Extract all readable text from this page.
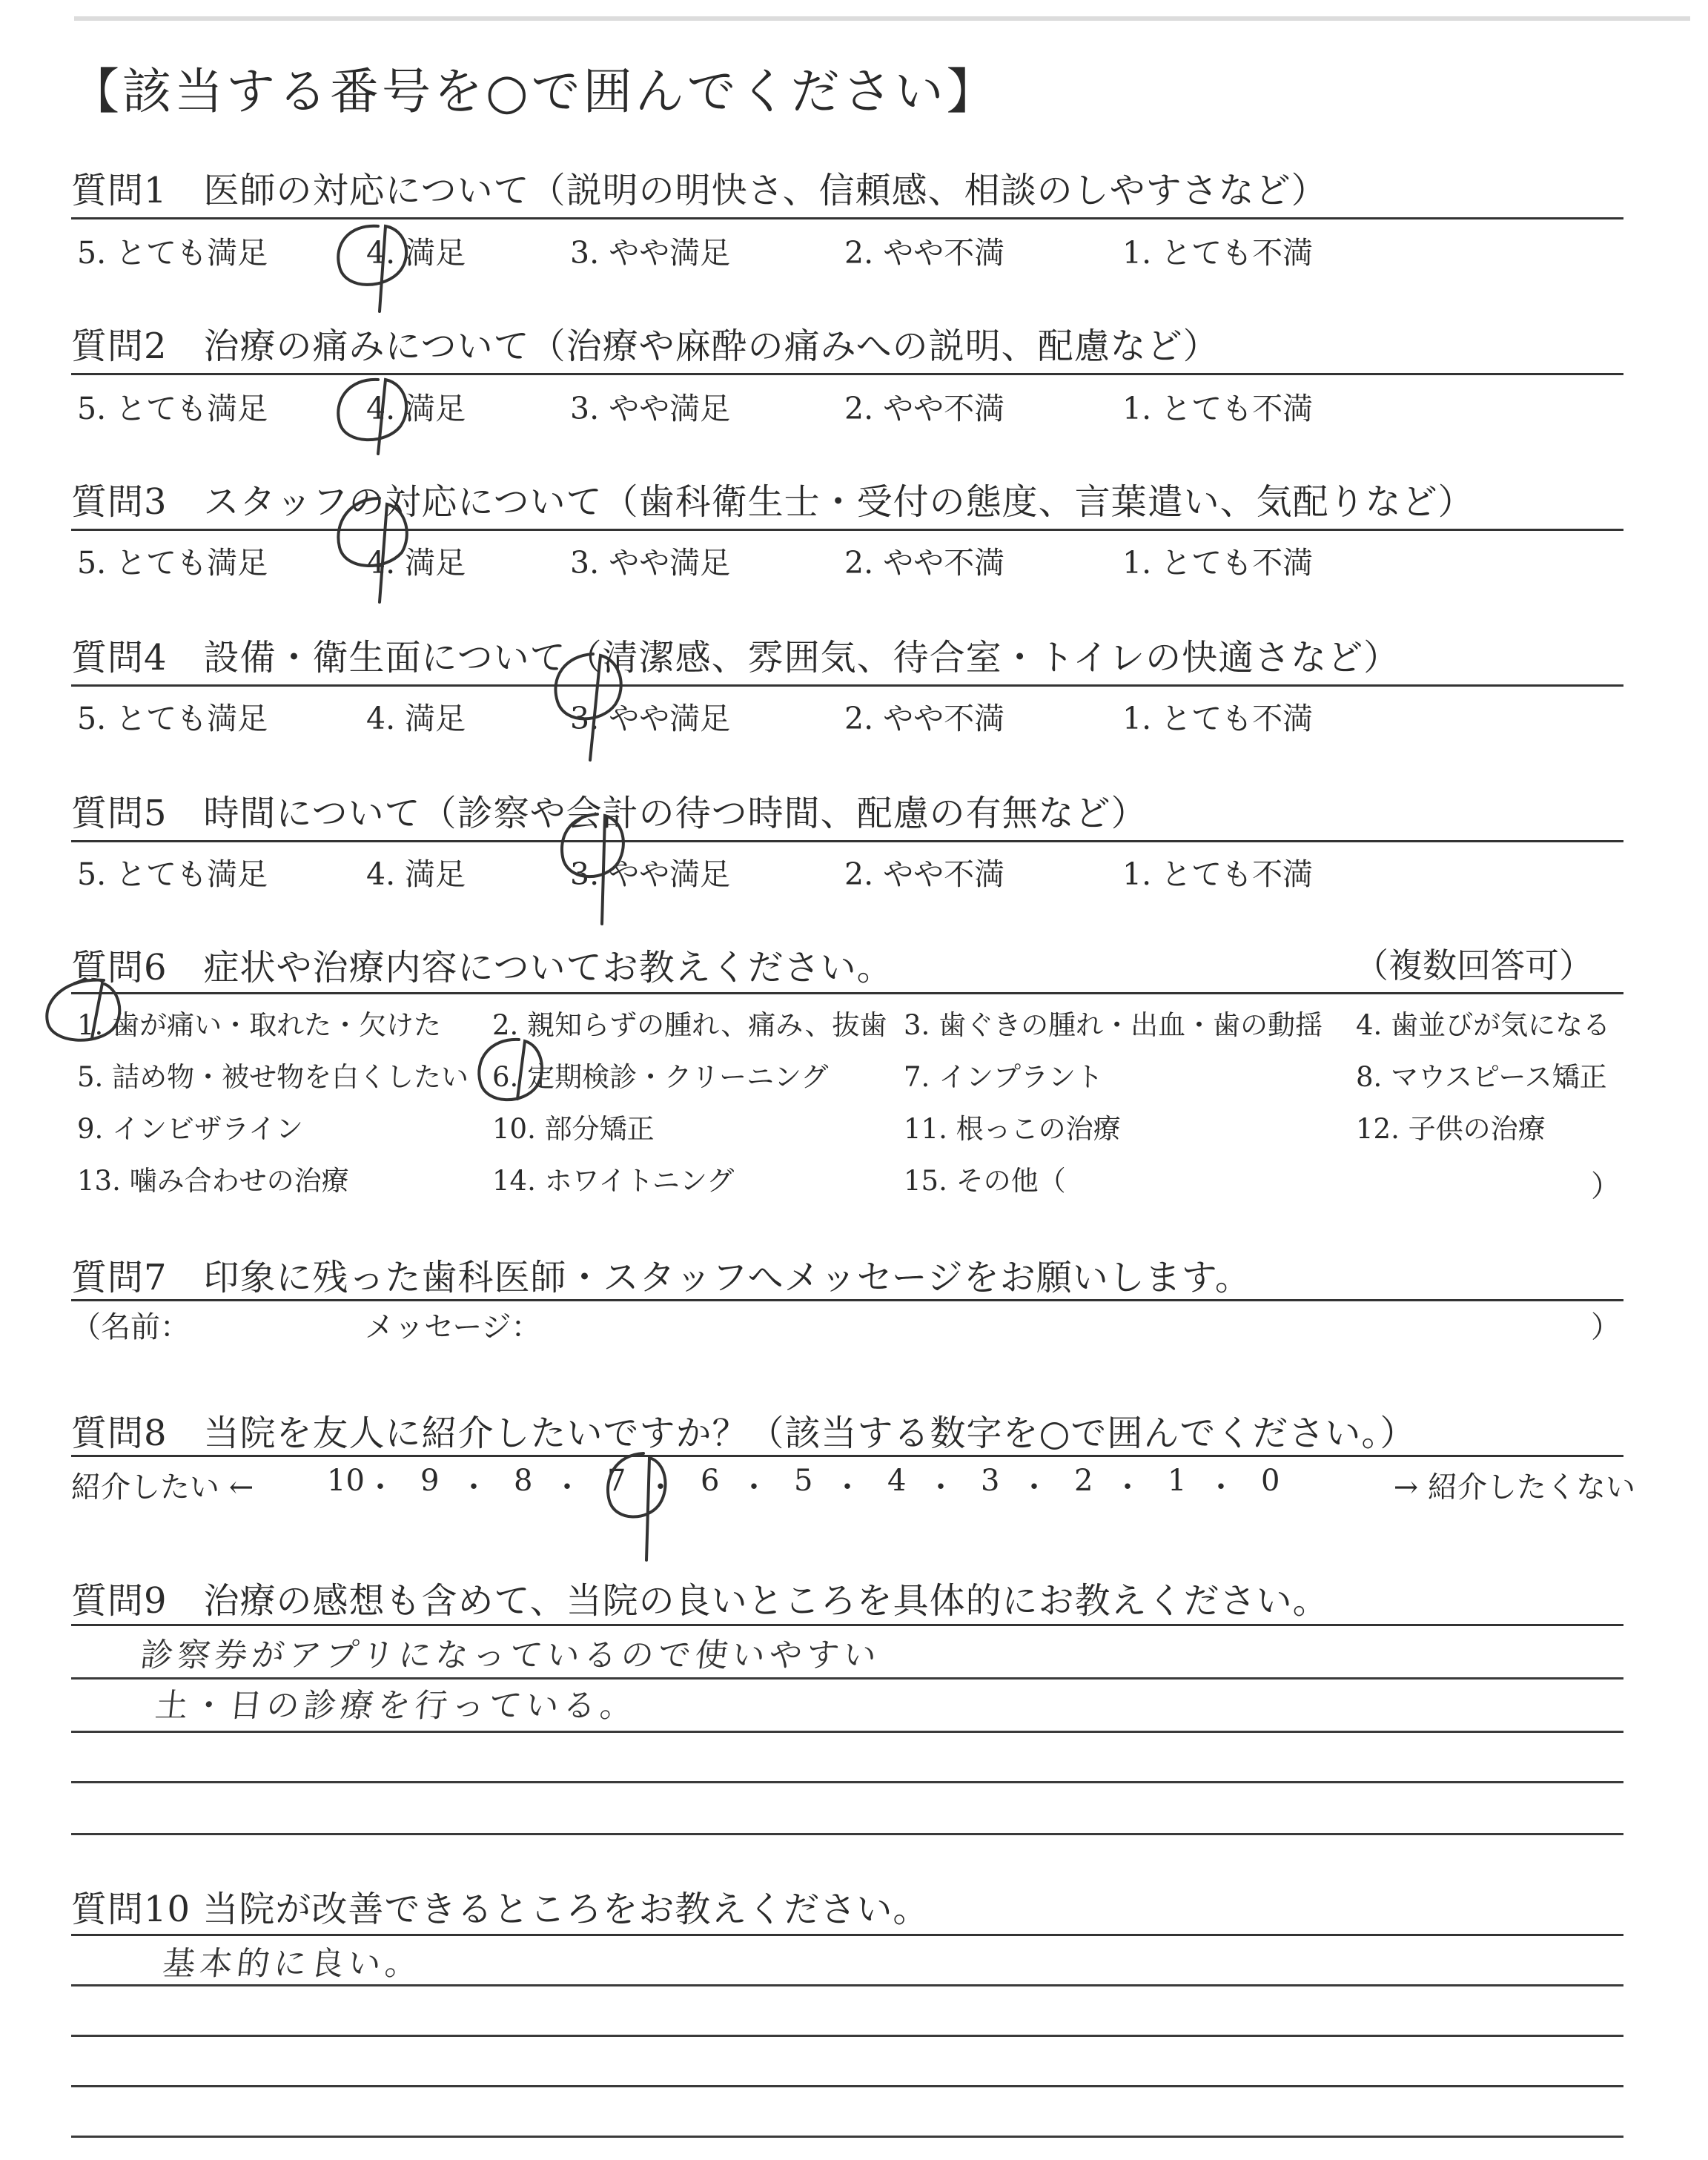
【該当する番号を○で囲んでください】
質問1　医師の対応について（説明の明快さ、信頼感、相談のしやすさなど）
5. とても満足	4. 満足	3. やや満足	2. やや不満	1. とても不満
質問2　治療の痛みについて（治療や麻酔の痛みへの説明、配慮など）
5. とても満足	4. 満足	3. やや満足	2. やや不満	1. とても不満
質問3　スタッフの対応について（歯科衛生士・受付の態度、言葉遣い、気配りなど）
5. とても満足	4. 満足	3. やや満足	2. やや不満	1. とても不満
質問4　設備・衛生面について（清潔感、雰囲気、待合室・トイレの快適さなど）
5. とても満足	4. 満足	3. やや満足	2. やや不満	1. とても不満
質問5　時間について（診察や会計の待つ時間、配慮の有無など）
5. とても満足	4. 満足	3. やや満足	2. やや不満	1. とても不満
質問6　症状や治療内容についてお教えください。	（複数回答可）
1. 歯が痛い・取れた・欠けた 2. 親知らずの腫れ、痛み、抜歯 3. 歯ぐきの腫れ・出血・歯の動揺 4. 歯並びが気になる
5. 詰め物・被せ物を白くしたい 6. 定期検診・クリーニング	7. インプラント	8. マウスピース矯正
9. インビザライン	10. 部分矯正	11. 根っこの治療	12. 子供の治療
13. 噛み合わせの治療	14. ホワイトニング	15. その他（	）
質問7　印象に残った歯科医師・スタッフへメッセージをお願いします。
（名前：	メッセージ：	）
質問8　当院を友人に紹介したいですか？（該当する数字を○で囲んでください。）
紹介したい ←	→ 紹介したくない
10 ・ 9 ・ 8 ・ 7 ・ 6 ・ 5 ・ 4 ・ 3 ・ 2 ・ 1 ・ 0
質問9　治療の感想も含めて、当院の良いところを具体的にお教えください。
診察券がアプリになっているので使いやすい
土・日の診療を行っている。
質問10 当院が改善できるところをお教えください。
基本的に良い。
